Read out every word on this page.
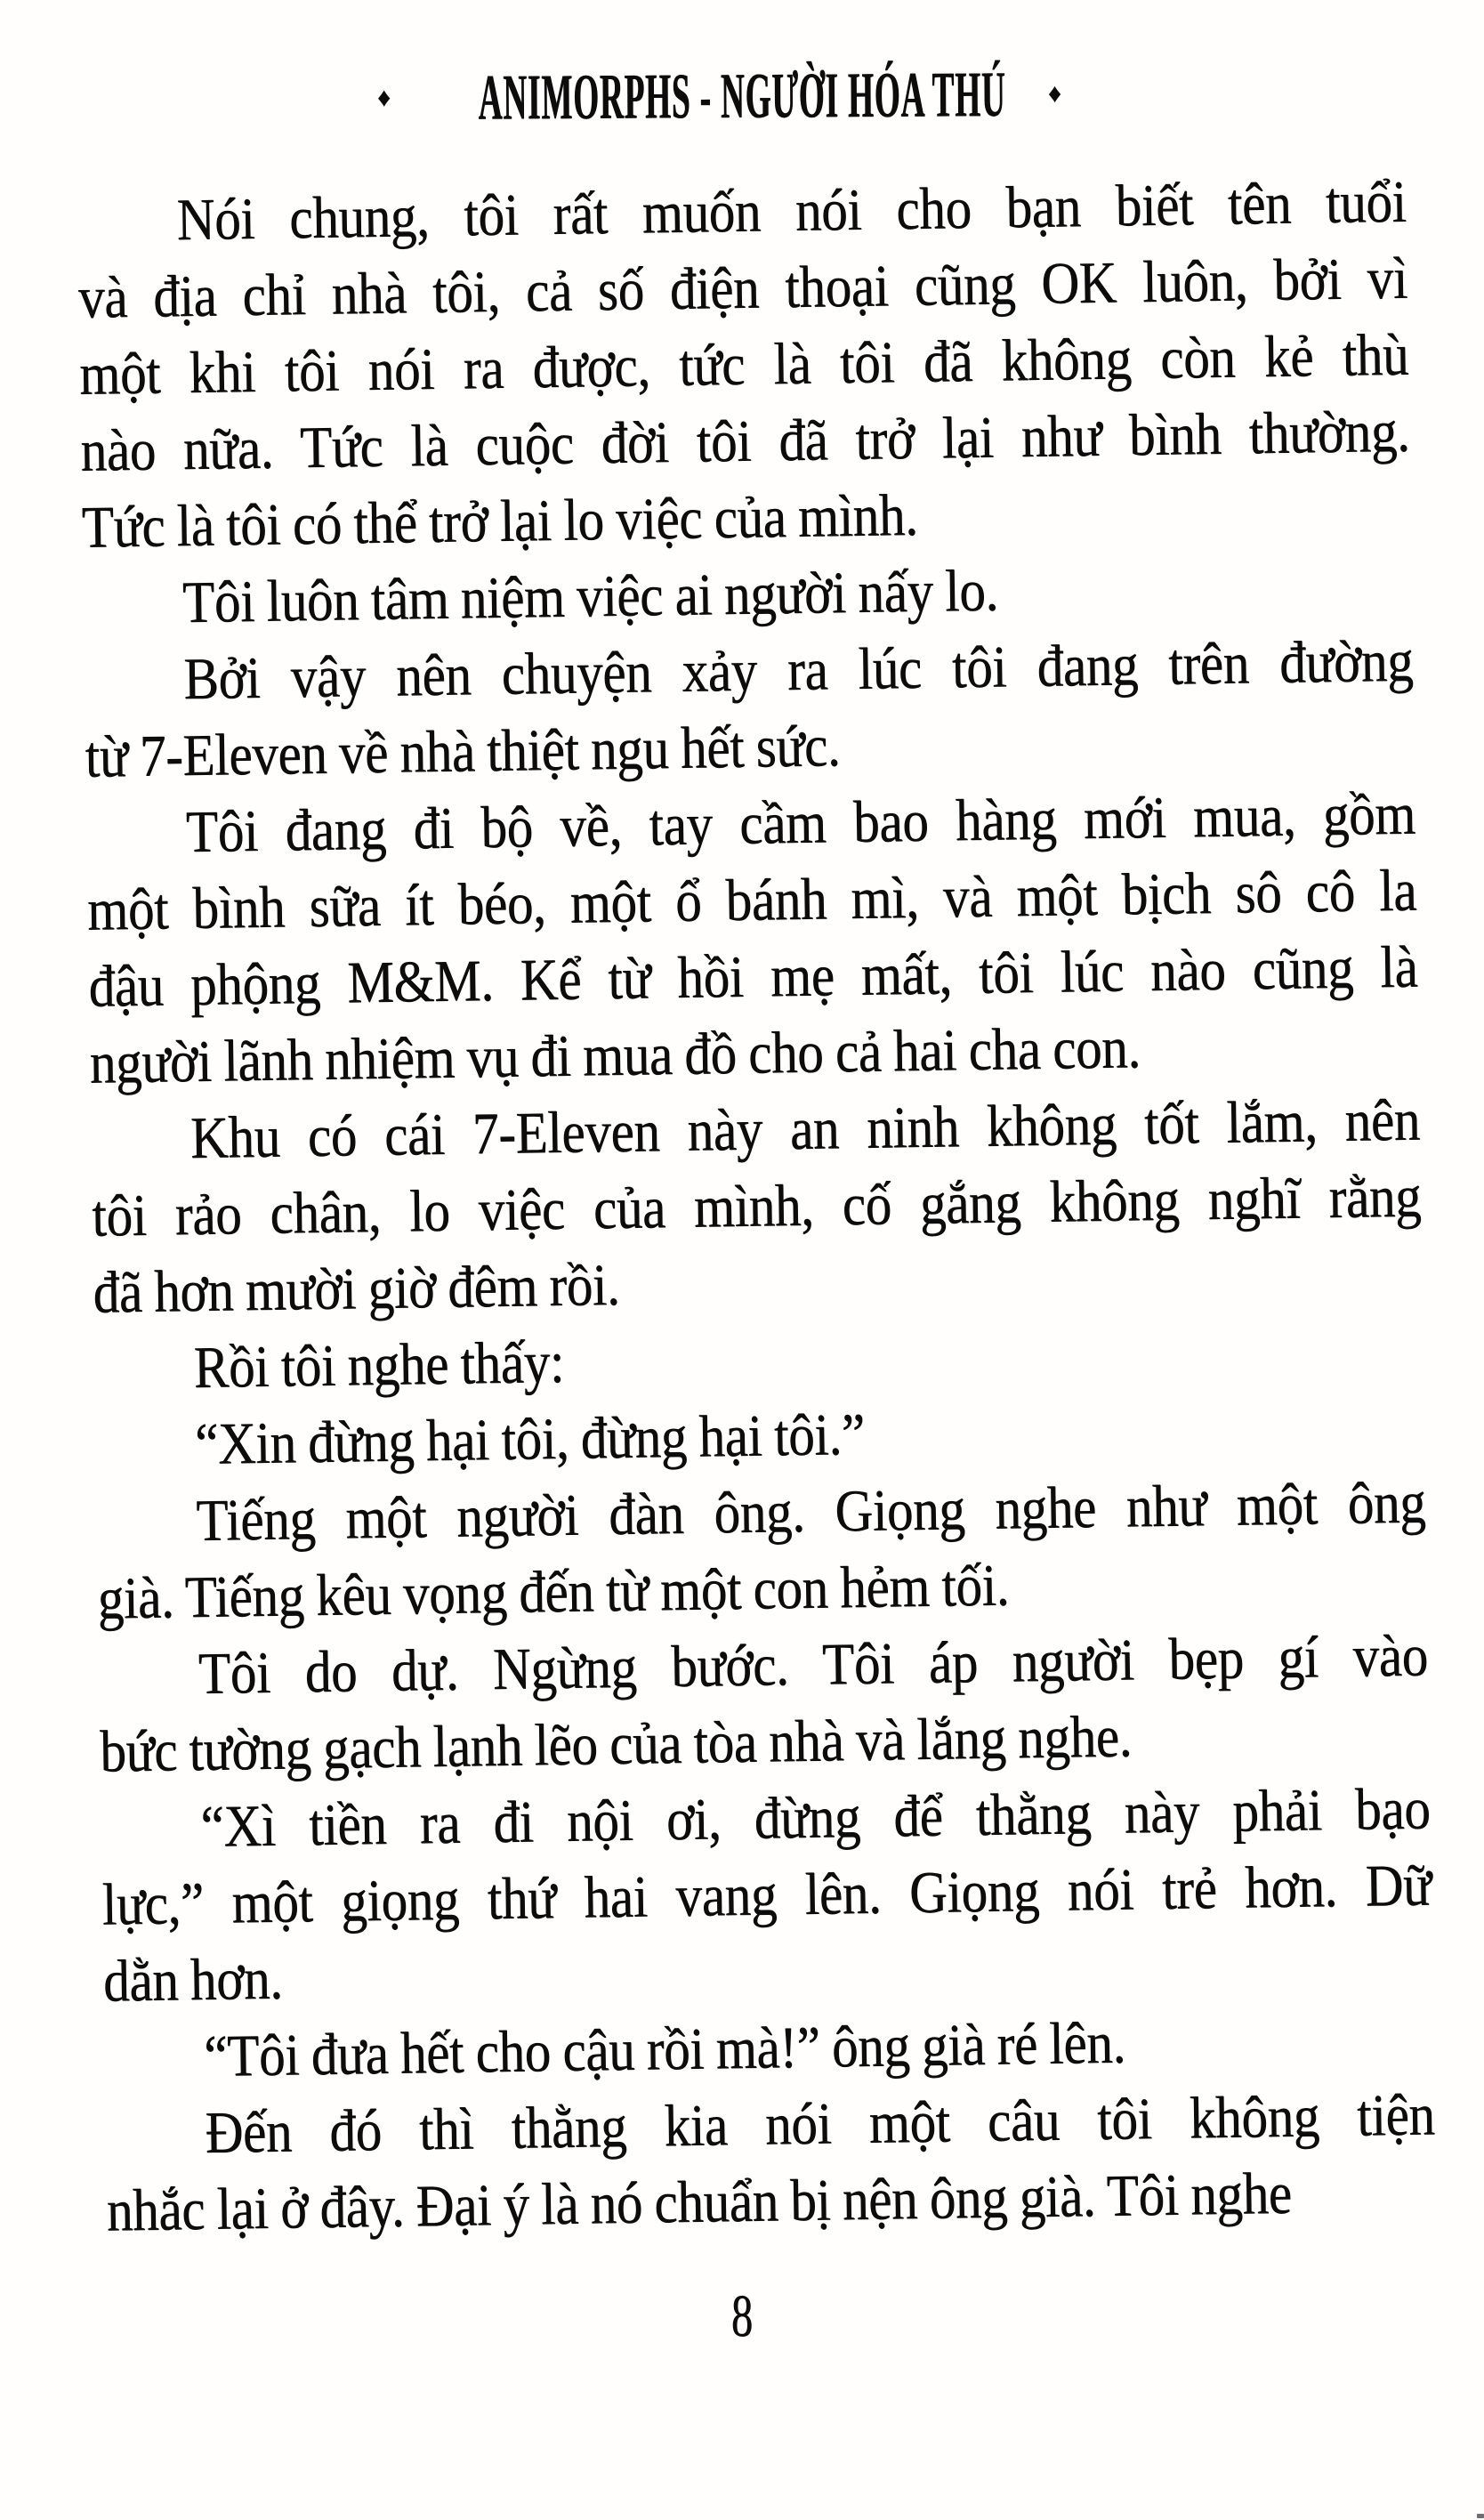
♦ ANIMORPHS - NGƯỜI HÓA THÚ ♦
Nói chung, tôi rất muốn nói cho bạn biết tên tuổi
và địa chỉ nhà tôi, cả số điện thoại cũng OK luôn, bởi vì
một khi tôi nói ra được, tức là tôi đã không còn kẻ thù
nào nữa. Tức là cuộc đời tôi đã trở lại như bình thường.
Tức là tôi có thể trở lại lo việc của mình.
Tôi luôn tâm niệm việc ai người nấy lo.
Bởi vậy nên chuyện xảy ra lúc tôi đang trên đường
từ 7-Eleven về nhà thiệt ngu hết sức.
Tôi đang đi bộ về, tay cầm bao hàng mới mua, gồm
một bình sữa ít béo, một ổ bánh mì, và một bịch sô cô la
đậu phộng M&M. Kể từ hồi mẹ mất, tôi lúc nào cũng là
người lãnh nhiệm vụ đi mua đồ cho cả hai cha con.
Khu có cái 7-Eleven này an ninh không tốt lắm, nên
tôi rảo chân, lo việc của mình, cố gắng không nghĩ rằng
đã hơn mười giờ đêm rồi.
Rồi tôi nghe thấy:
“Xin đừng hại tôi, đừng hại tôi.”
Tiếng một người đàn ông. Giọng nghe như một ông
già. Tiếng kêu vọng đến từ một con hẻm tối.
Tôi do dự. Ngừng bước. Tôi áp người bẹp gí vào
bức tường gạch lạnh lẽo của tòa nhà và lắng nghe.
“Xì tiền ra đi nội ơi, đừng để thằng này phải bạo
lực,” một giọng thứ hai vang lên. Giọng nói trẻ hơn. Dữ
dằn hơn.
“Tôi đưa hết cho cậu rồi mà!” ông già ré lên.
Đến đó thì thằng kia nói một câu tôi không tiện
nhắc lại ở đây. Đại ý là nó chuẩn bị nện ông già. Tôi nghe
8
